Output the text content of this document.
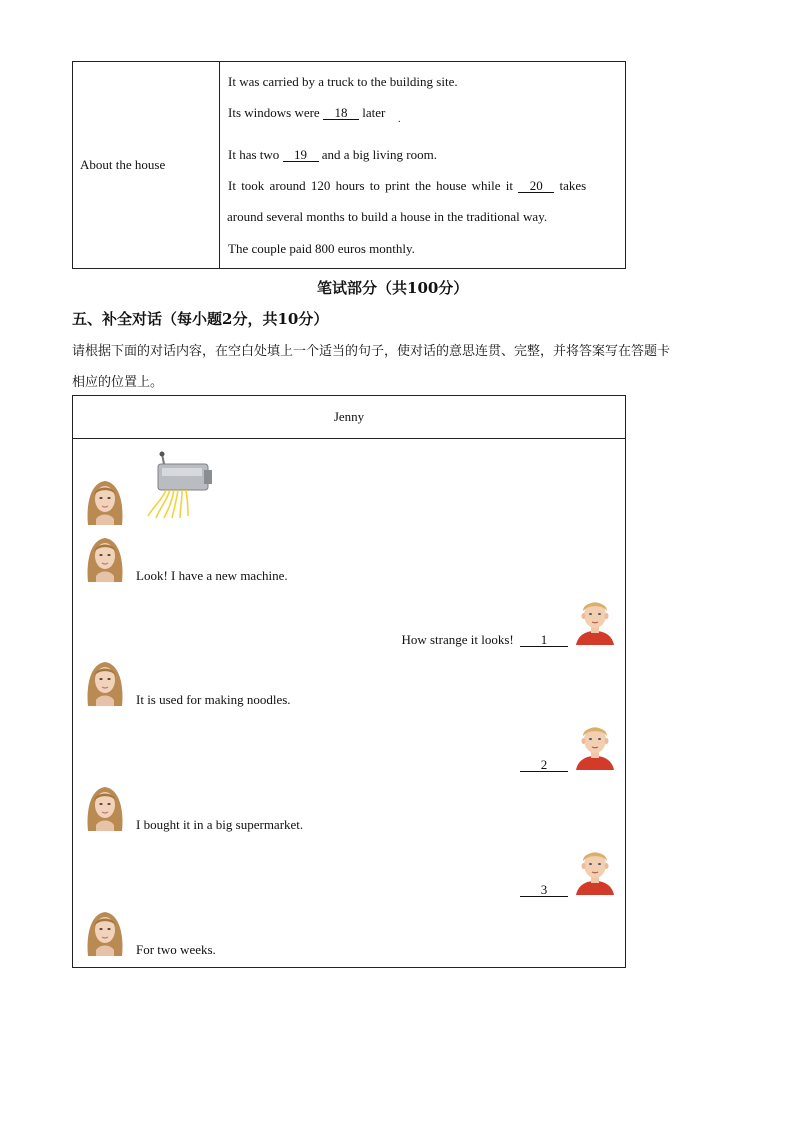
About the house
It was carried by a truck to the building site.
Its windows were 18 later .
It has two 19 and a big living room.
It took around 120 hours to print the house while it 20 takes
around several months to build a house in the traditional way.
The couple paid 800 euros monthly.
笔试部分（共100分）
五、补全对话（每小题2分，共10分）
请根据下面的对话内容，在空白处填上一个适当的句子，使对话的意思连贯、完整，并将答案写在答题卡
相应的位置上。
Jenny
Look! I have a new machine.
How strange it looks! 1
It is used for making noodles.
2
I bought it in a big supermarket.
3
For two weeks.
